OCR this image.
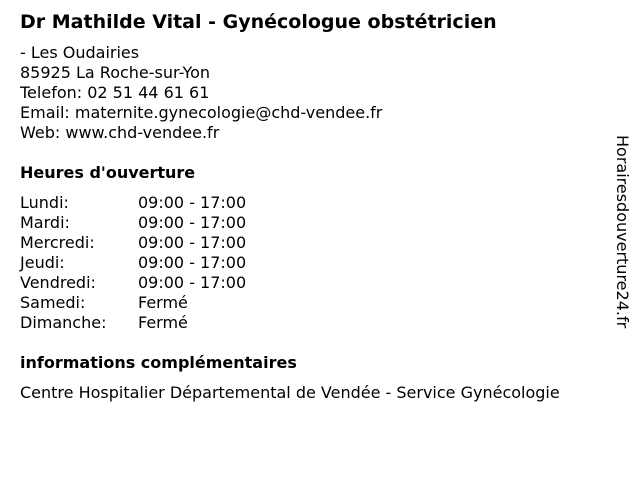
Dr Mathilde Vital - Gynécologue obstétricien
- Les Oudairies
85925 La Roche-sur-Yon
Telefon: 02 51 44 61 61
Email: maternite.gynecologie@chd-vendee.fr
Web: www.chd-vendee.fr
Heures d'ouverture
Lundi:	09:00 - 17:00
Mardi:	09:00 - 17:00
Mercredi:	09:00 - 17:00
Jeudi:	09:00 - 17:00
Vendredi:	09:00 - 17:00
Samedi:	Fermé
Dimanche: Fermé
informations complémentaires
Centre Hospitalier Départemental de Vendée - Service Gynécologie
Horairesdouverture24.fr
